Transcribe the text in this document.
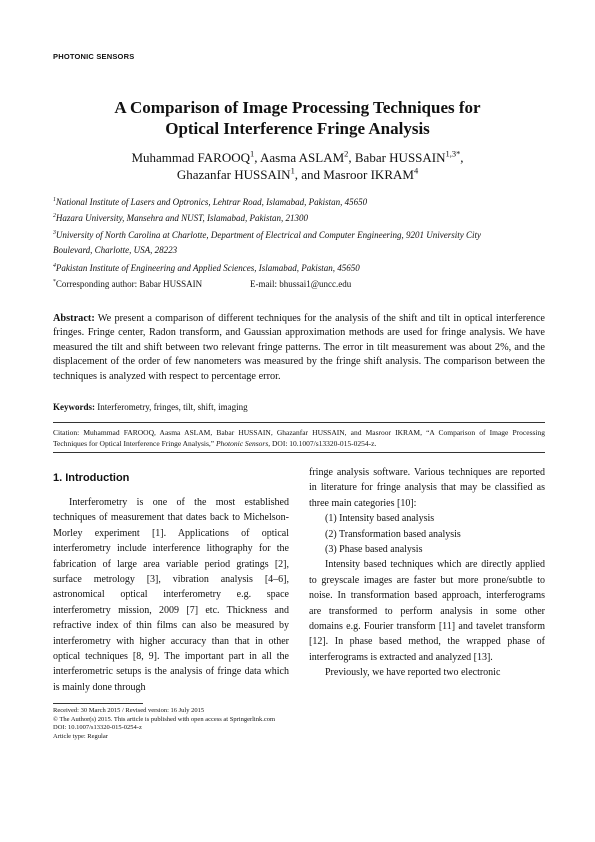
PHOTONIC SENSORS
A Comparison of Image Processing Techniques for
Optical Interference Fringe Analysis
Muhammad FAROOQ$^1$, Aasma ASLAM$^2$, Babar $HUSSAIN^{1,3*}$,
Ghazanfar HUSSAIN$^1$, and Masroor IKRAM$^4$
$^1$National Institute of Lasers and Optronics, Lehtrar Road, Islamabad, Pakistan, 45650
$^2$Hazara University, Mansehra and NUST, Islamabad, Pakistan, 21300
$^3$University of North Carolina at Charlotte, Department of Electrical and Computer Engineering, 9201 University City
Boulevard, Charlotte, USA, 28223
$^4$Pakistan Institute of Engineering and Applied Sciences, Islamabad, Pakistan, 45650
*Corresponding author: Babar HUSSAIN	E-mail: bhussai1@uncc.edu

Abstract: We present a comparison of different techniques for the analysis of the shift and tilt in optical interference fringes. Fringe center, Radon transform, and Gaussian approximation methods are used for fringe analysis. We have measured the tilt and shift between two relevant fringe patterns. The error in tilt measurement was about 2%, and the displacement of the order of few nanometers was measured by the fringe shift analysis. The comparison between the techniques is analyzed with respect to percentage error.

Keywords: Interferometry, fringes, tilt, shift, imaging
Citation: Muhammad FAROOQ, Aasma ASLAM, Babar HUSSAIN, Ghazanfar HUSSAIN, and Masroor IKRAM, “A Comparison of Image Processing Techniques for Optical Interference Fringe Analysis,” Photonic Sensors, DOI: 10.1007/s13320-015-0254-z.
1. Introduction

Interferometry is one of the most established techniques of measurement that dates back to Michelson-Morley experiment [1]. Applications of optical interferometry include interference lithography for the fabrication of large area variable period gratings [2], surface metrology [3], vibration analysis [4–6], astronomical optical interferometry e.g. space interferometry mission, 2009 [7] etc. Thickness and refractive index of thin films can also be measured by interferometry with higher accuracy than that in other optical techniques [8, 9]. The important part in all the interferometric setups is the analysis of fringe data which is mainly done through

fringe analysis software. Various techniques are reported in literature for fringe analysis that may be classified as three main categories [10]:

(1) Intensity based analysis

(2) Transformation based analysis

(3) Phase based analysis

Intensity based techniques which are directly applied to greyscale images are faster but more prone/subtle to noise. In transformation based approach, interferograms are transformed to perform analysis in some other domains e.g. Fourier transform [11] and tavelet transform [12]. In phase based method, the wrapped phase of interferograms is extracted and analyzed [13].

Previously, we have reported two electronic

Received: 30 March 2015 / Revised version: 16 July 2015
© The Author(s) 2015. This article is published with open access at Springerlink.com
DOI: 10.1007/s13320-015-0254-z
Article type: Regular
